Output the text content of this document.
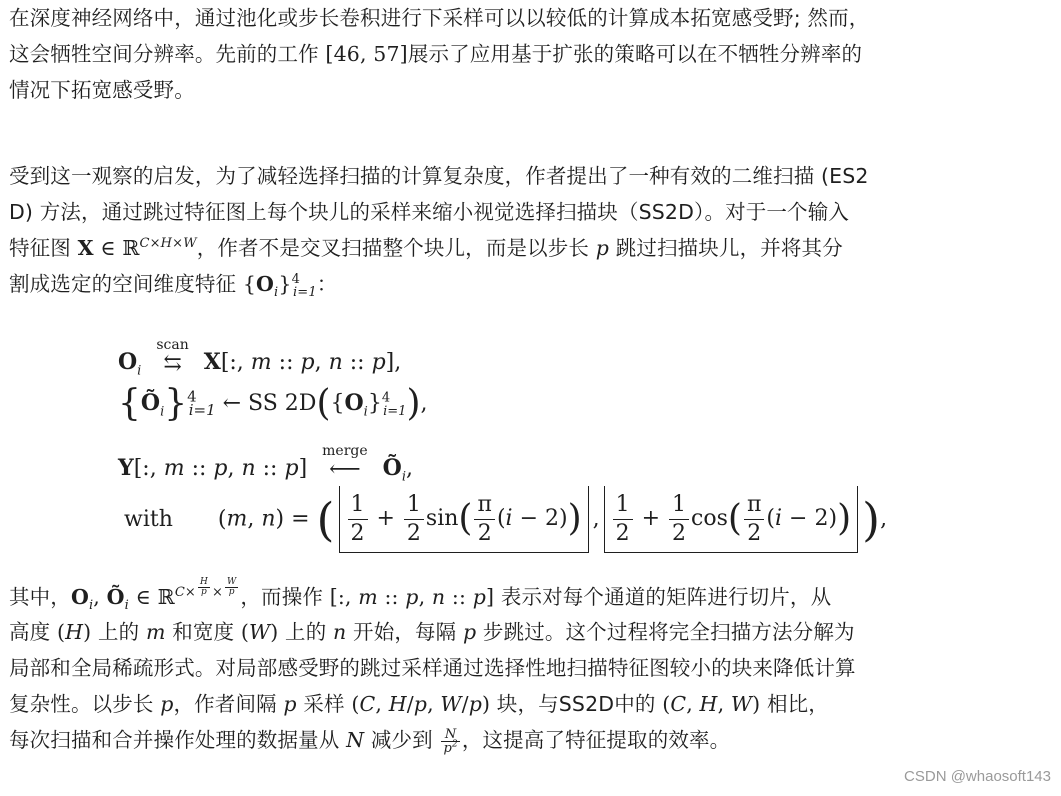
在深度神经网络中，通过池化或步长卷积进行下采样可以以较低的计算成本拓宽感受野; 然而，
这会牺牲空间分辨率。先前的工作 [46, 57]展示了应用基于扩张的策略可以在不牺牲分辨率的
情况下拓宽感受野。

受到这一观察的启发，为了减轻选择扫描的计算复杂度，作者提出了一种有效的二维扫描 (ES2
D) 方法，通过跳过特征图上每个块儿的采样来缩小视觉选择扫描块（SS2D）。对于一个输入
特征图 X ∈ ℝ$^{C\times H\times W}$，作者不是交叉扫描整个块儿，而是以步长 p 跳过扫描块儿，并将其分
割成选定的空间维度特征 $\{O_i\}^4_{i=1}$：

$O_i$
scan
⇆ X[:, m :: p, n :: p],
$\{Õ_i\}^4_{i=1}$ ← SS $2D(\{O_i\}^4_{i=1})$,
Y[:, m :: p, n :: p]
merge
⟵ $Õ_i$,
with (m, n) = ( $\frac{1}{2} + \frac{1}{2} \sin( \frac{\pi}{2} (i - 2))$ , $\frac{1}{2} + \frac{1}{2} \cos( \frac{\pi}{2} (i - 2))$ ),

其中，$O_i$, $Õ_i$ ∈ ℝ$^{C\times \frac{H}{p} \times \frac{W}{p}}$ ，而操作 [:, m :: p, n :: p] 表示对每个通道的矩阵进行切片，从
高度 (H) 上的 m 和宽度 (W) 上的 n 开始，每隔 p 步跳过。这个过程将完全扫描方法分解为
局部和全局稀疏形式。对局部感受野的跳过采样通过选择性地扫描特征图较小的块来降低计算
复杂性。以步长 p，作者间隔 p 采样 (C, H/p, W/p) 块，与SS2D中的 (C, H, W) 相比，
每次扫描和合并操作处理的数据量从 N 减少到 $\frac{N}{p^2}$ ，这提高了特征提取的效率。

CSDN @whaosoft143
